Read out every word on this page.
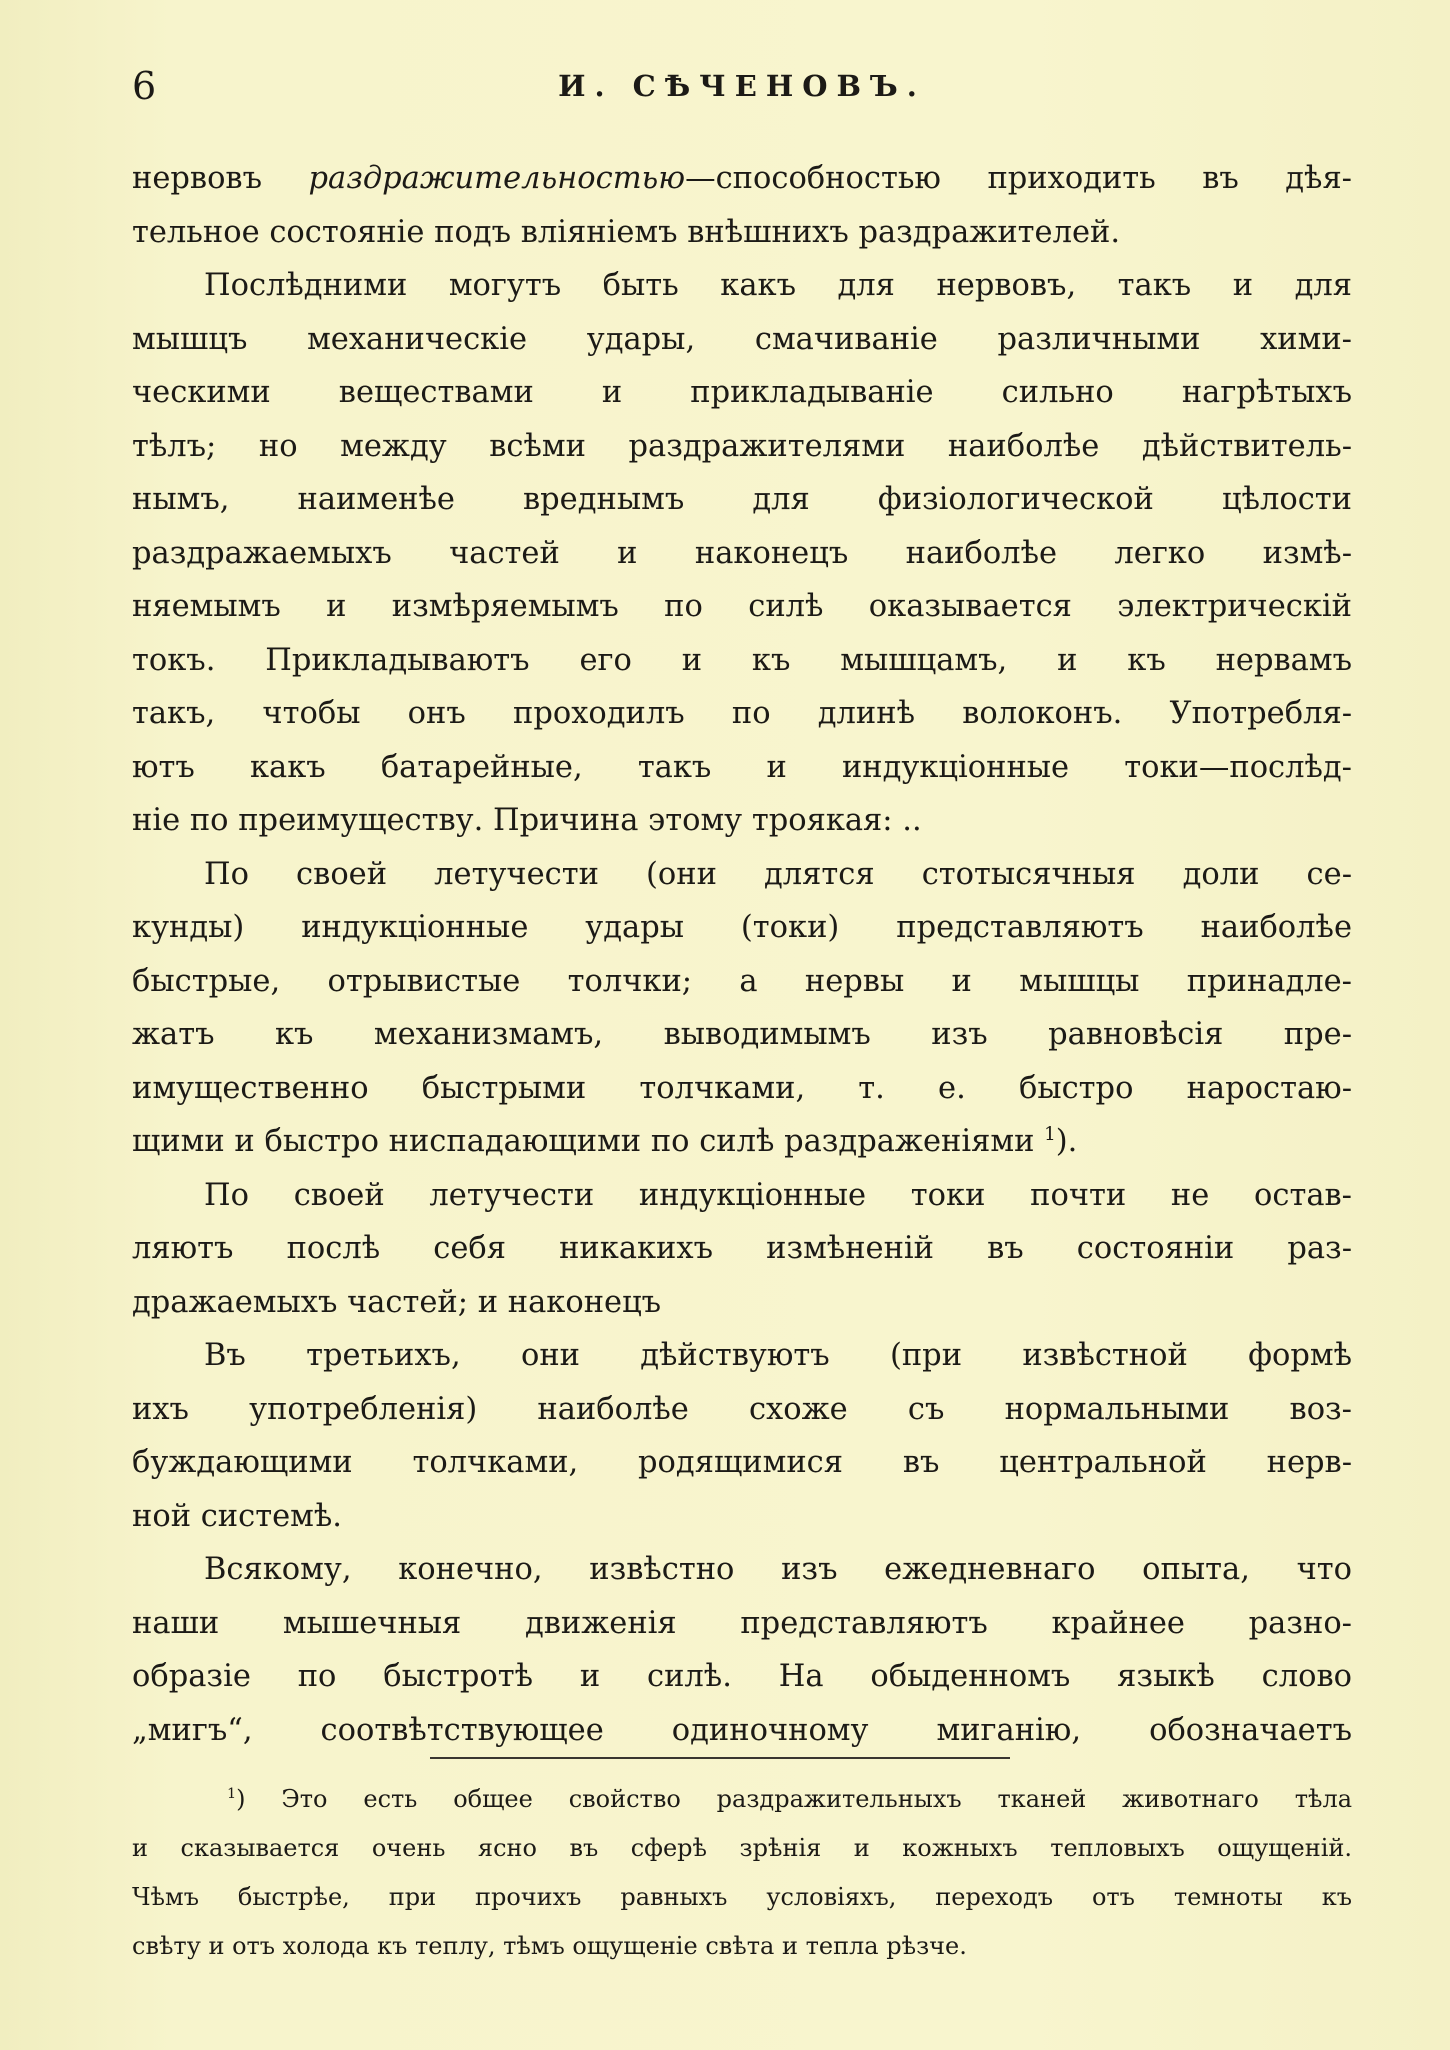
6	И. СѢЧЕНОВЪ.

нервовъ раздражительностью—способностью приходить въ дѣя-

тельное состояніе подъ вліяніемъ внѣшнихъ раздражителей.

Послѣдними могутъ быть какъ для нервовъ, такъ и для

мышцъ механическіе удары, смачиваніе различными хими-

ческими веществами и прикладываніе сильно нагрѣтыхъ

тѣлъ; но между всѣми раздражителями наиболѣе дѣйствитель-

нымъ, наименѣе вреднымъ для физіологической цѣлости

раздражаемыхъ частей и наконецъ наиболѣе легко измѣ-

няемымъ и измѣряемымъ по силѣ оказывается электрическій

токъ. Прикладываютъ его и къ мышцамъ, и къ нервамъ

такъ, чтобы онъ проходилъ по длинѣ волоконъ. Употребля-

ютъ какъ батарейные, такъ и индукціонные токи—послѣд-

ніе по преимуществу. Причина этому троякая: ..

По своей летучести (они длятся стотысячныя доли се-

кунды) индукціонные удары (токи) представляютъ наиболѣе

быстрые, отрывистые толчки; а нервы и мышцы принадле-

жатъ къ механизмамъ, выводимымъ изъ равновѣсія пре-

имущественно быстрыми толчками, т. е. быстро наростаю-

щими и быстро ниспадающими по силѣ раздраженіями $^1$).

По своей летучести индукціонные токи почти не остав-

ляютъ послѣ себя никакихъ измѣненій въ состояніи раз-

дражаемыхъ частей; и наконецъ

Въ третьихъ, они дѣйствуютъ (при извѣстной формѣ

ихъ употребленія) наиболѣе схоже съ нормальными воз-

буждающими толчками, родящимися въ центральной нерв-

ной системѣ.

Всякому, конечно, извѣстно изъ ежедневнаго опыта, что

наши мышечныя движенія представляютъ крайнее разно-

образіе по быстротѣ и силѣ. На обыденномъ языкѣ слово

„мигъ“, соотвѣтствующее одиночному миганію, обозначаетъ

$^1$) Это есть общее свойство раздражительныхъ тканей животнаго тѣла

и сказывается очень ясно въ сферѣ зрѣнія и кожныхъ тепловыхъ ощущеній.

Чѣмъ быстрѣе, при прочихъ равныхъ условіяхъ, переходъ отъ темноты къ

свѣту и отъ холода къ теплу, тѣмъ ощущеніе свѣта и тепла рѣзче.
